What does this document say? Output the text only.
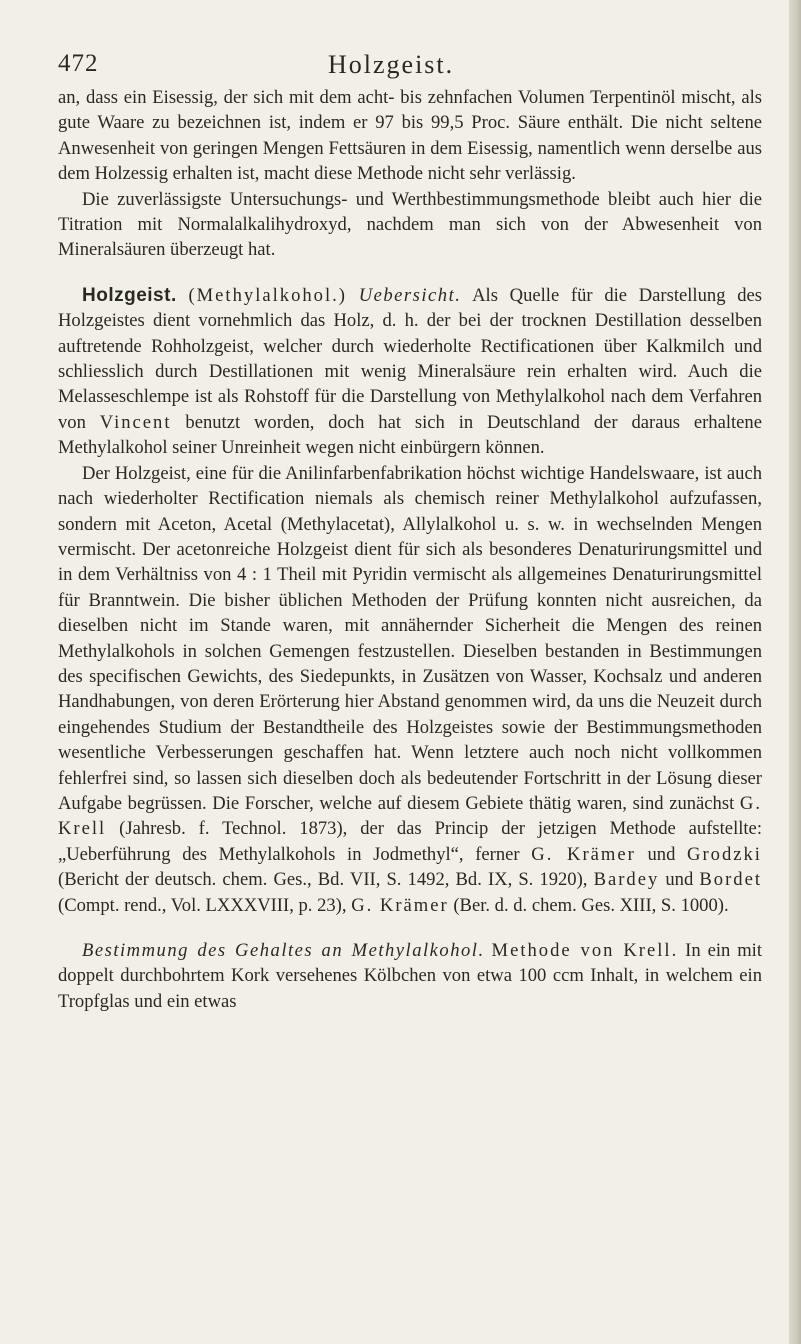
472	Holzgeist.

an, dass ein Eisessig, der sich mit dem acht- bis zehnfachen Volumen Terpentinöl mischt, als gute Waare zu bezeichnen ist, indem er 97 bis 99,5 Proc. Säure enthält. Die nicht seltene Anwesenheit von geringen Mengen Fettsäuren in dem Eisessig, namentlich wenn derselbe aus dem Holzessig erhalten ist, macht diese Methode nicht sehr verlässig.

Die zuverlässigste Untersuchungs- und Werthbestimmungsmethode bleibt auch hier die Titration mit Normalalkalihydroxyd, nachdem man sich von der Abwesenheit von Mineralsäuren überzeugt hat.

Holzgeist. (Methylalkohol.) Uebersicht. Als Quelle für die Darstellung des Holzgeistes dient vornehmlich das Holz, d. h. der bei der trocknen Destillation desselben auftretende Rohholzgeist, welcher durch wiederholte Rectificationen über Kalkmilch und schliesslich durch Destillationen mit wenig Mineralsäure rein erhalten wird. Auch die Melasseschlempe ist als Rohstoff für die Darstellung von Methylalkohol nach dem Verfahren von Vincent benutzt worden, doch hat sich in Deutschland der daraus erhaltene Methylalkohol seiner Unreinheit wegen nicht einbürgern können.

Der Holzgeist, eine für die Anilinfarbenfabrikation höchst wichtige Handelswaare, ist auch nach wiederholter Rectification niemals als chemisch reiner Methylalkohol aufzufassen, sondern mit Aceton, Acetal (Methylacetat), Allylalkohol u. s. w. in wechselnden Mengen vermischt. Der acetonreiche Holzgeist dient für sich als besonderes Denaturirungsmittel und in dem Verhältniss von 4 : 1 Theil mit Pyridin vermischt als allgemeines Denaturirungsmittel für Branntwein. Die bisher üblichen Methoden der Prüfung konnten nicht ausreichen, da dieselben nicht im Stande waren, mit annähernder Sicherheit die Mengen des reinen Methylalkohols in solchen Gemengen festzustellen. Dieselben bestanden in Bestimmungen des specifischen Gewichts, des Siedepunkts, in Zusätzen von Wasser, Kochsalz und anderen Handhabungen, von deren Erörterung hier Abstand genommen wird, da uns die Neuzeit durch eingehendes Studium der Bestandtheile des Holzgeistes sowie der Bestimmungsmethoden wesentliche Verbesserungen geschaffen hat. Wenn letztere auch noch nicht vollkommen fehlerfrei sind, so lassen sich dieselben doch als bedeutender Fortschritt in der Lösung dieser Aufgabe begrüssen. Die Forscher, welche auf diesem Gebiete thätig waren, sind zunächst G. Krell (Jahresb. f. Technol. 1873), der das Princip der jetzigen Methode aufstellte: „Ueberführung des Methylalkohols in Jodmethyl“, ferner G. Krämer und Grodzki (Bericht der deutsch. chem. Ges., Bd. VII, S. 1492, Bd. IX, S. 1920), Bardey und Bordet (Compt. rend., Vol. LXXXVIII, p. 23), G. Krämer (Ber. d. d. chem. Ges. XIII, S. 1000).

Bestimmung des Gehaltes an Methylalkohol. Methode von Krell. In ein mit doppelt durchbohrtem Kork versehenes Kölbchen von etwa 100 ccm Inhalt, in welchem ein Tropfglas und ein etwas
